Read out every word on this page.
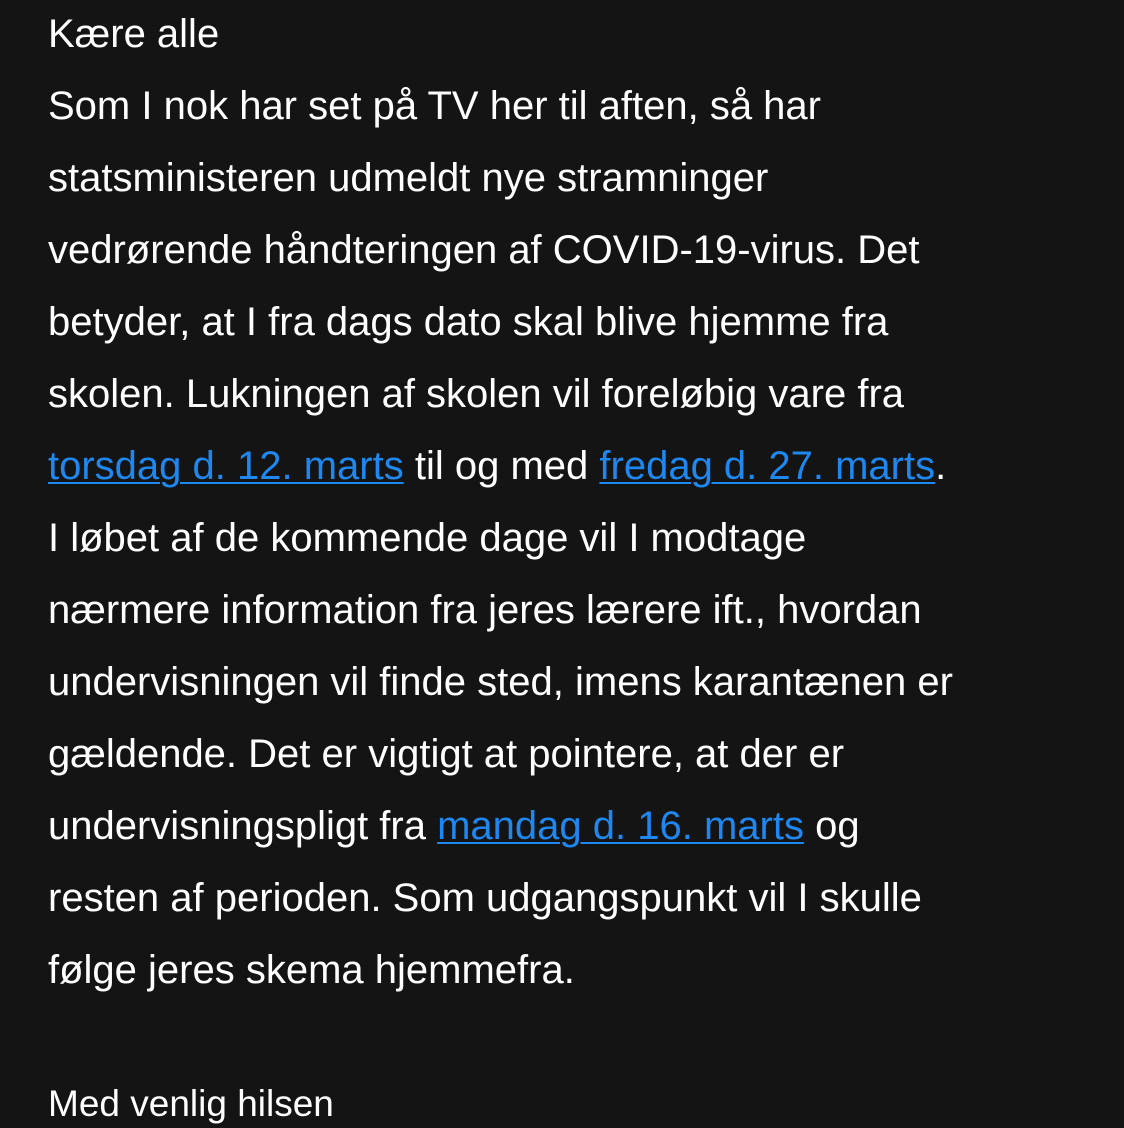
Kære alle

Som I nok har set på TV her til aften, så har
statsministeren udmeldt nye stramninger
vedrørende håndteringen af COVID-19-virus. Det
betyder, at I fra dags dato skal blive hjemme fra
skolen. Lukningen af skolen vil foreløbig vare fra
torsdag d. 12. marts til og med fredag d. 27. marts.
I løbet af de kommende dage vil I modtage
nærmere information fra jeres lærere ift., hvordan
undervisningen vil finde sted, imens karantænen er
gældende. Det er vigtigt at pointere, at der er
undervisningspligt fra mandag d. 16. marts og
resten af perioden. Som udgangspunkt vil I skulle
følge jeres skema hjemmefra.

Med venlig hilsen
